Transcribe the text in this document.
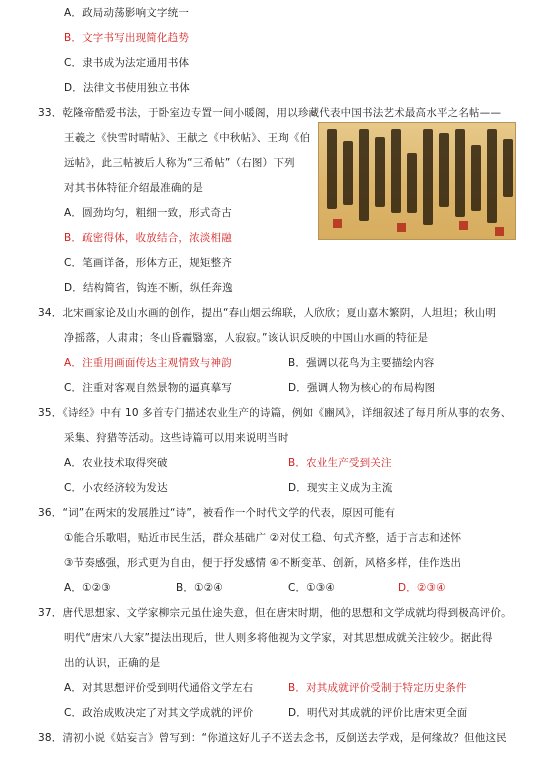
A．政局动荡影响文字统一
B．文字书写出现简化趋势
C．隶书成为法定通用书体
D．法律文书使用独立书体
33．乾隆帝酷爱书法，于卧室边专置一间小暖阁，用以珍藏代表中国书法艺术最高水平之名帖——
王羲之《快雪时晴帖》、王献之《中秋帖》、王珣《伯
远帖》，此三帖被后人称为“三希帖”（右图）下列
对其书体特征介绍最准确的是
A．圆劲均匀，粗细一致，形式奇古
B．疏密得体，收放结合，浓淡相融
C．笔画详备，形体方正，规矩整齐
D．结构简省，钩连不断，纵任奔逸
34．北宋画家论及山水画的创作，提出“春山烟云绵联，人欣欣；夏山嘉木繁阴，人坦坦；秋山明
净摇落，人肃肃；冬山昏霾翳塞，人寂寂。”该认识反映的中国山水画的特征是
A．注重用画面传达主观情致与神韵	B．强调以花鸟为主要描绘内容
C．注重对客观自然景物的逼真摹写	D．强调人物为核心的布局构图
35．《诗经》中有 10 多首专门描述农业生产的诗篇，例如《豳风》，详细叙述了每月所从事的农务、
采集、狩猎等活动。这些诗篇可以用来说明当时
A．农业技术取得突破	B．农业生产受到关注
C．小农经济较为发达	D．现实主义成为主流
36．“词”在两宋的发展胜过“诗”，被看作一个时代文学的代表，原因可能有
①能合乐歌唱，贴近市民生活，群众基础广 ②对仗工稳、句式齐整，适于言志和述怀
③节奏感强，形式更为自由，便于抒发感情 ④不断变革、创新，风格多样，佳作迭出
A．①②③	B．①②④	C．①③④	D．②③④
37．唐代思想家、文学家柳宗元虽仕途失意，但在唐宋时期，他的思想和文学成就均得到极高评价。
明代“唐宋八大家”提法出现后，世人则多将他视为文学家，对其思想成就关注较少。据此得
出的认识，正确的是
A．对其思想评价受到明代通俗文学左右	B．对其成就评价受制于特定历史条件
C．政治成败决定了对其文学成就的评价	D．明代对其成就的评价比唐宋更全面
38．清初小说《姑妄言》曾写到：“你道这好儿子不送去念书，反倒送去学戏，是何缘故？但他这民
